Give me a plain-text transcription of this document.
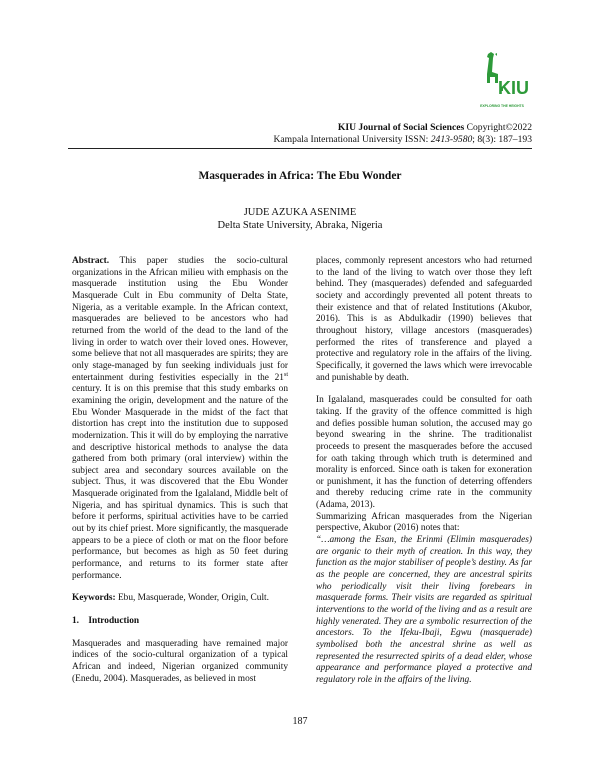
KIU
EXPLORING THE HEIGHTS
KIU Journal of Social Sciences Copyright©2022
Kampala International University ISSN: 2413-9580; 8(3): 187–193
Masquerades in Africa: The Ebu Wonder
JUDE AZUKA ASENIME
Delta State University, Abraka, Nigeria

Abstract. This paper studies the socio-cultural organizations in the African milieu with emphasis on the masquerade institution using the Ebu Wonder Masquerade Cult in Ebu community of Delta State, Nigeria, as a veritable example. In the African context, masquerades are believed to be ancestors who had returned from the world of the dead to the land of the living in order to watch over their loved ones. However, some believe that not all masquerades are spirits; they are only stage-managed by fun seeking individuals just for entertainment during festivities especially in the 21st century. It is on this premise that this study embarks on examining the origin, development and the nature of the Ebu Wonder Masquerade in the midst of the fact that distortion has crept into the institution due to supposed modernization. This it will do by employing the narrative and descriptive historical methods to analyse the data gathered from both primary (oral interview) within the subject area and secondary sources available on the subject. Thus, it was discovered that the Ebu Wonder Masquerade originated from the Igalaland, Middle belt of Nigeria, and has spiritual dynamics. This is such that before it performs, spiritual activities have to be carried out by its chief priest. More significantly, the masquerade appears to be a piece of cloth or mat on the floor before performance, but becomes as high as 50 feet during performance, and returns to its former state after performance.

Keywords: Ebu, Masquerade, Wonder, Origin, Cult.

1. Introduction

Masquerades and masquerading have remained major indices of the socio-cultural organization of a typical African and indeed, Nigerian organized community (Enedu, 2004). Masquerades, as believed in most

places, commonly represent ancestors who had returned to the land of the living to watch over those they left behind. They (masquerades) defended and safeguarded society and accordingly prevented all potent threats to their existence and that of related Institutions (Akubor, 2016). This is as Abdulkadir (1990) believes that throughout history, village ancestors (masquerades) performed the rites of transference and played a protective and regulatory role in the affairs of the living. Specifically, it governed the laws which were irrevocable and punishable by death.

In Igalaland, masquerades could be consulted for oath taking. If the gravity of the offence committed is high and defies possible human solution, the accused may go beyond swearing in the shrine. The traditionalist proceeds to present the masquerades before the accused for oath taking through which truth is determined and morality is enforced. Since oath is taken for exoneration or punishment, it has the function of deterring offenders and thereby reducing crime rate in the community (Adama, 2013).

Summarizing African masquerades from the Nigerian perspective, Akubor (2016) notes that:

“…among the Esan, the Erinmi (Elimin masquerades) are organic to their myth of creation. In this way, they function as the major stabiliser of people’s destiny. As far as the people are concerned, they are ancestral spirits who periodically visit their living forebears in masquerade forms. Their visits are regarded as spiritual interventions to the world of the living and as a result are highly venerated. They are a symbolic resurrection of the ancestors. To the Ifeku-Ibaji, Egwu (masquerade) symbolised both the ancestral shrine as well as represented the resurrected spirits of a dead elder, whose appearance and performance played a protective and regulatory role in the affairs of the living.

187
